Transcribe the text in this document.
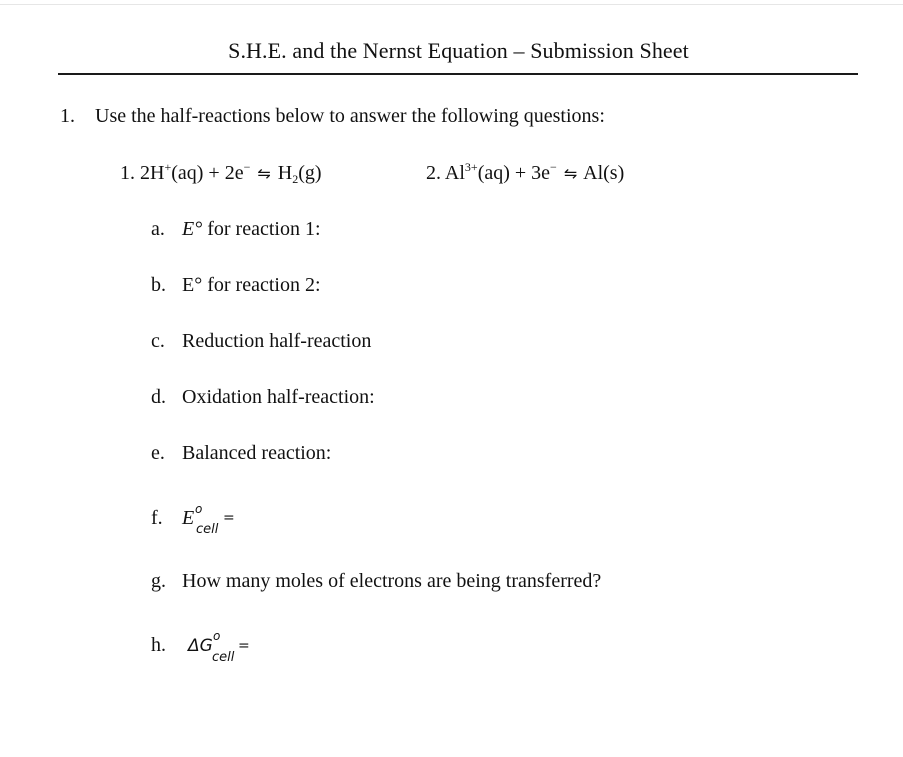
S.H.E. and the Nernst Equation – Submission Sheet
1. Use the half-reactions below to answer the following questions:
1. 2H+(aq) + 2e− ⇋ $H_2(g)$	2. $Al^{3+}(aq) + 3e^-$ ⇋ Al(s)
a. E° for reaction 1:
b. E° for reaction 2:
c. Reduction half-reaction
d. Oxidation half-reaction:
e. Balanced reaction:
f. E o
cell
=
g. How many moles of electrons are being transferred?
h. ΔG o
cell
=
